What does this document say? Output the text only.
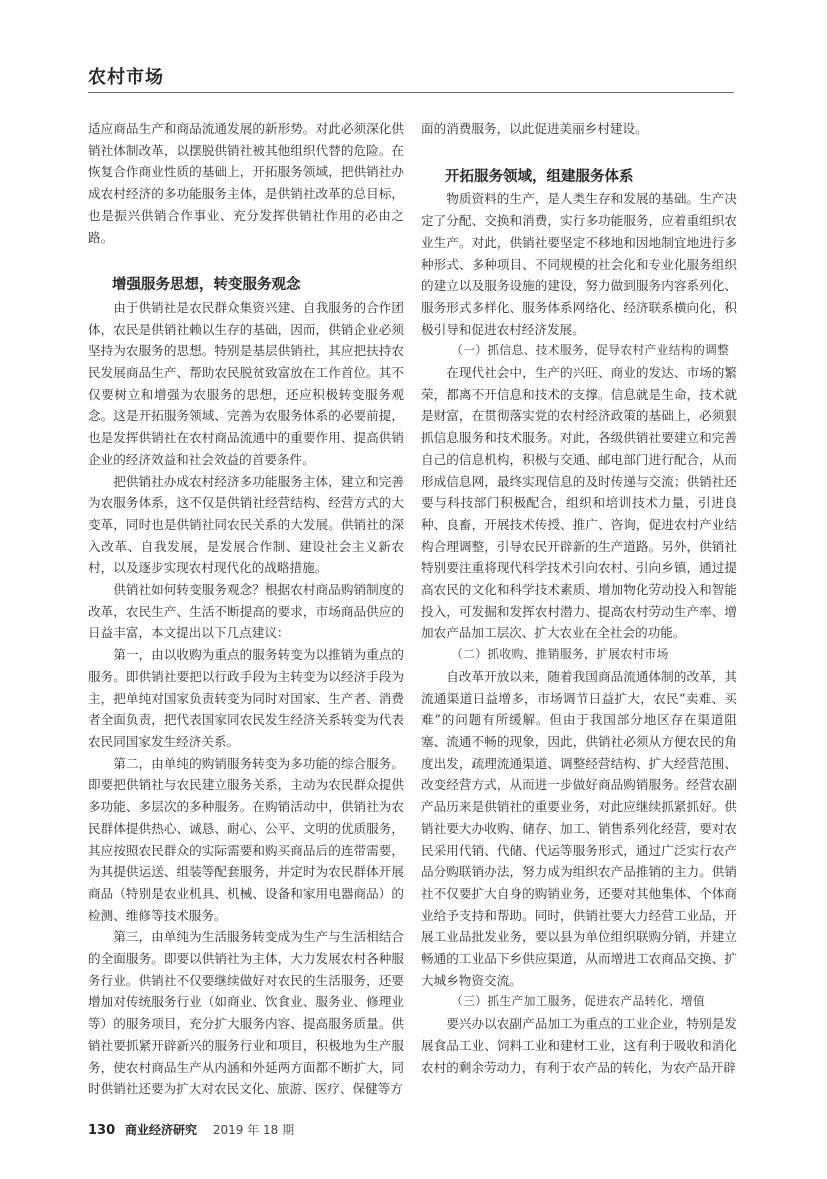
农村市场

适应商品生产和商品流通发展的新形势。对此必须深化供销社体制改革，以摆脱供销社被其他组织代替的危险。在恢复合作商业性质的基础上，开拓服务领域，把供销社办成农村经济的多功能服务主体，是供销社改革的总目标，也是振兴供销合作事业、充分发挥供销社作用的必由之路。

增强服务思想，转变服务观念

由于供销社是农民群众集资兴建、自我服务的合作团体，农民是供销社赖以生存的基础，因而，供销企业必须坚持为农服务的思想。特别是基层供销社，其应把扶持农民发展商品生产、帮助农民脱贫致富放在工作首位。其不仅要树立和增强为农服务的思想，还应积极转变服务观念。这是开拓服务领域、完善为农服务体系的必要前提，也是发挥供销社在农村商品流通中的重要作用、提高供销企业的经济效益和社会效益的首要条件。

把供销社办成农村经济多功能服务主体，建立和完善为农服务体系，这不仅是供销社经营结构、经营方式的大变革，同时也是供销社同农民关系的大发展。供销社的深入改革、自我发展，是发展合作制、建设社会主义新农村，以及逐步实现农村现代化的战略措施。

供销社如何转变服务观念？根据农村商品购销制度的改革，农民生产、生活不断提高的要求，市场商品供应的日益丰富，本文提出以下几点建议：

第一，由以收购为重点的服务转变为以推销为重点的服务。即供销社要把以行政手段为主转变为以经济手段为主，把单纯对国家负责转变为同时对国家、生产者、消费者全面负责，把代表国家同农民发生经济关系转变为代表农民同国家发生经济关系。

第二，由单纯的购销服务转变为多功能的综合服务。即要把供销社与农民建立服务关系，主动为农民群众提供多功能、多层次的多种服务。在购销活动中，供销社为农民群体提供热心、诚恳、耐心、公平、文明的优质服务，其应按照农民群众的实际需要和购买商品后的连带需要，为其提供运送、组装等配套服务，并定时为农民群体开展商品（特别是农业机具、机械、设备和家用电器商品）的检测、维修等技术服务。

第三，由单纯为生活服务转变成为生产与生活相结合的全面服务。即要以供销社为主体，大力发展农村各种服务行业。供销社不仅要继续做好对农民的生活服务，还要增加对传统服务行业（如商业、饮食业、服务业、修理业等）的服务项目，充分扩大服务内容、提高服务质量。供销社要抓紧开辟新兴的服务行业和项目，积极地为生产服务，使农村商品生产从内涵和外延两方面都不断扩大，同时供销社还要为扩大对农民文化、旅游、医疗、保健等方

面的消费服务，以此促进美丽乡村建设。

开拓服务领域，组建服务体系

物质资料的生产，是人类生存和发展的基础。生产决定了分配、交换和消费，实行多功能服务，应着重组织农业生产。对此，供销社要坚定不移地和因地制宜地进行多种形式、多种项目、不同规模的社会化和专业化服务组织的建立以及服务设施的建设，努力做到服务内容系列化、服务形式多样化、服务体系网络化、经济联系横向化，积极引导和促进农村经济发展。

（一）抓信息、技术服务，促导农村产业结构的调整

在现代社会中，生产的兴旺、商业的发达、市场的繁荣，都离不开信息和技术的支撑。信息就是生命，技术就是财富，在贯彻落实党的农村经济政策的基础上，必须狠抓信息服务和技术服务。对此，各级供销社要建立和完善自己的信息机构，积极与交通、邮电部门进行配合，从而形成信息网，最终实现信息的及时传递与交流；供销社还要与科技部门积极配合，组织和培训技术力量，引进良种、良畜，开展技术传授、推广、咨询，促进农村产业结构合理调整，引导农民开辟新的生产道路。另外，供销社特别要注重将现代科学技术引向农村、引向乡镇，通过提高农民的文化和科学技术素质、增加物化劳动投入和智能投入，可发掘和发挥农村潜力、提高农村劳动生产率、增加农产品加工层次、扩大农业在全社会的功能。

（二）抓收购、推销服务，扩展农村市场

自改革开放以来，随着我国商品流通体制的改革，其流通渠道日益增多，市场调节日益扩大，农民“卖难、买难”的问题有所缓解。但由于我国部分地区存在渠道阻塞、流通不畅的现象，因此，供销社必须从方便农民的角度出发，疏理流通渠道、调整经营结构、扩大经营范围、改变经营方式，从而进一步做好商品购销服务。经营农副产品历来是供销社的重要业务，对此应继续抓紧抓好。供销社要大办收购、储存、加工、销售系列化经营，要对农民采用代销、代储、代运等服务形式，通过广泛实行农产品分购联销办法，努力成为组织农产品推销的主力。供销社不仅要扩大自身的购销业务，还要对其他集体、个体商业给予支持和帮助。同时，供销社要大力经营工业品，开展工业品批发业务，要以县为单位组织联购分销，并建立畅通的工业品下乡供应渠道，从而增进工农商品交换、扩大城乡物资交流。

（三）抓生产加工服务，促进农产品转化、增值

要兴办以农副产品加工为重点的工业企业，特别是发展食品工业、饲料工业和建材工业，这有利于吸收和消化农村的剩余劳动力，有利于农产品的转化，为农产品开辟

130 商业经济研究 2019 年 18 期
